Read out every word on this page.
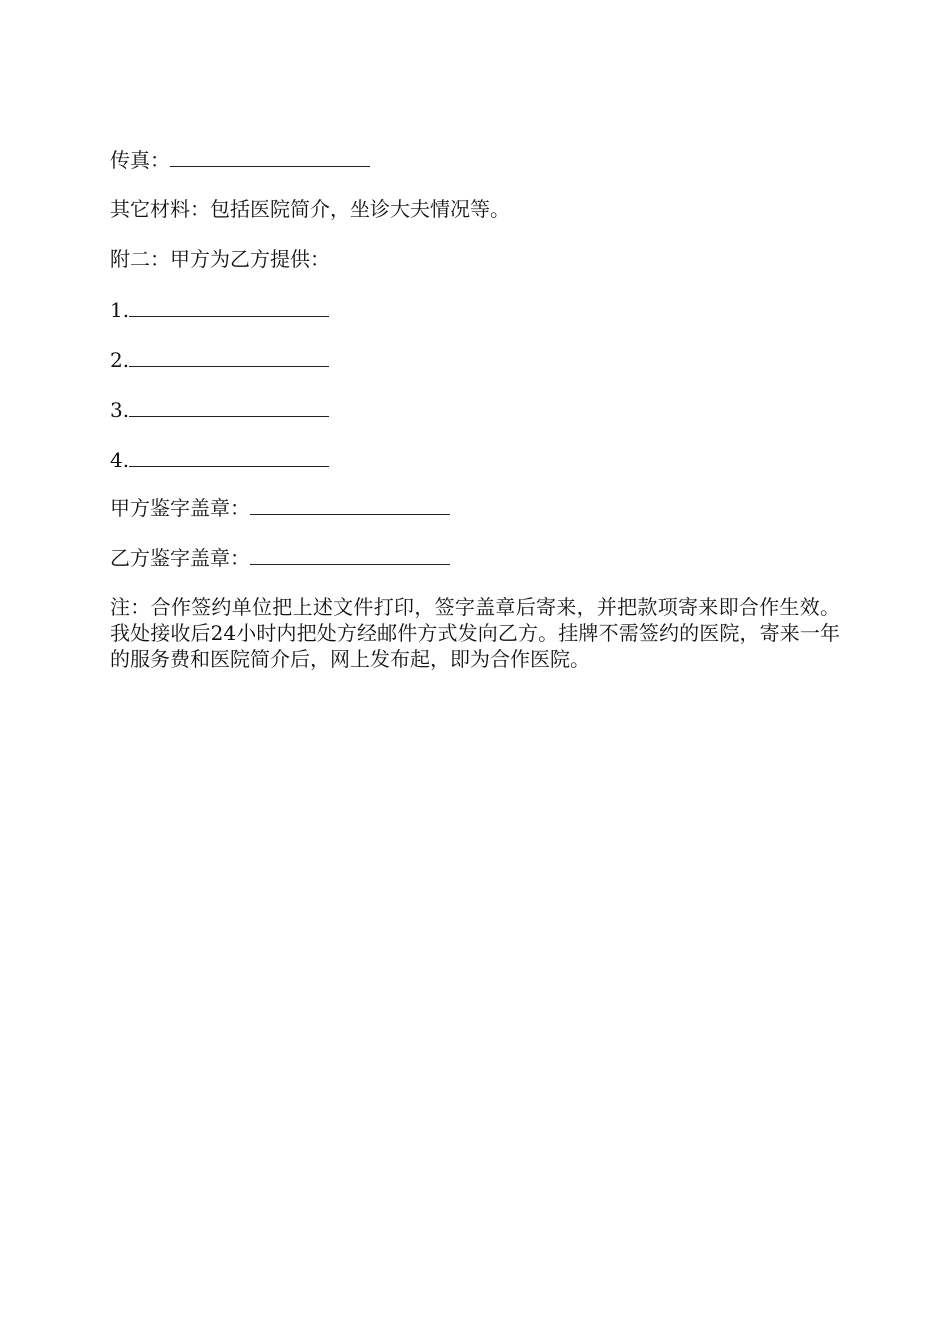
传真：
其它材料：包括医院简介，坐诊大夫情况等。
附二：甲方为乙方提供：
1.
2.
3.
4.
甲方鉴字盖章：
乙方鉴字盖章：
注：合作签约单位把上述文件打印，签字盖章后寄来，并把款项寄来即合作生效。我处接收后24小时内把处方经邮件方式发向乙方。挂牌不需签约的医院，寄来一年的服务费和医院简介后，网上发布起，即为合作医院。
